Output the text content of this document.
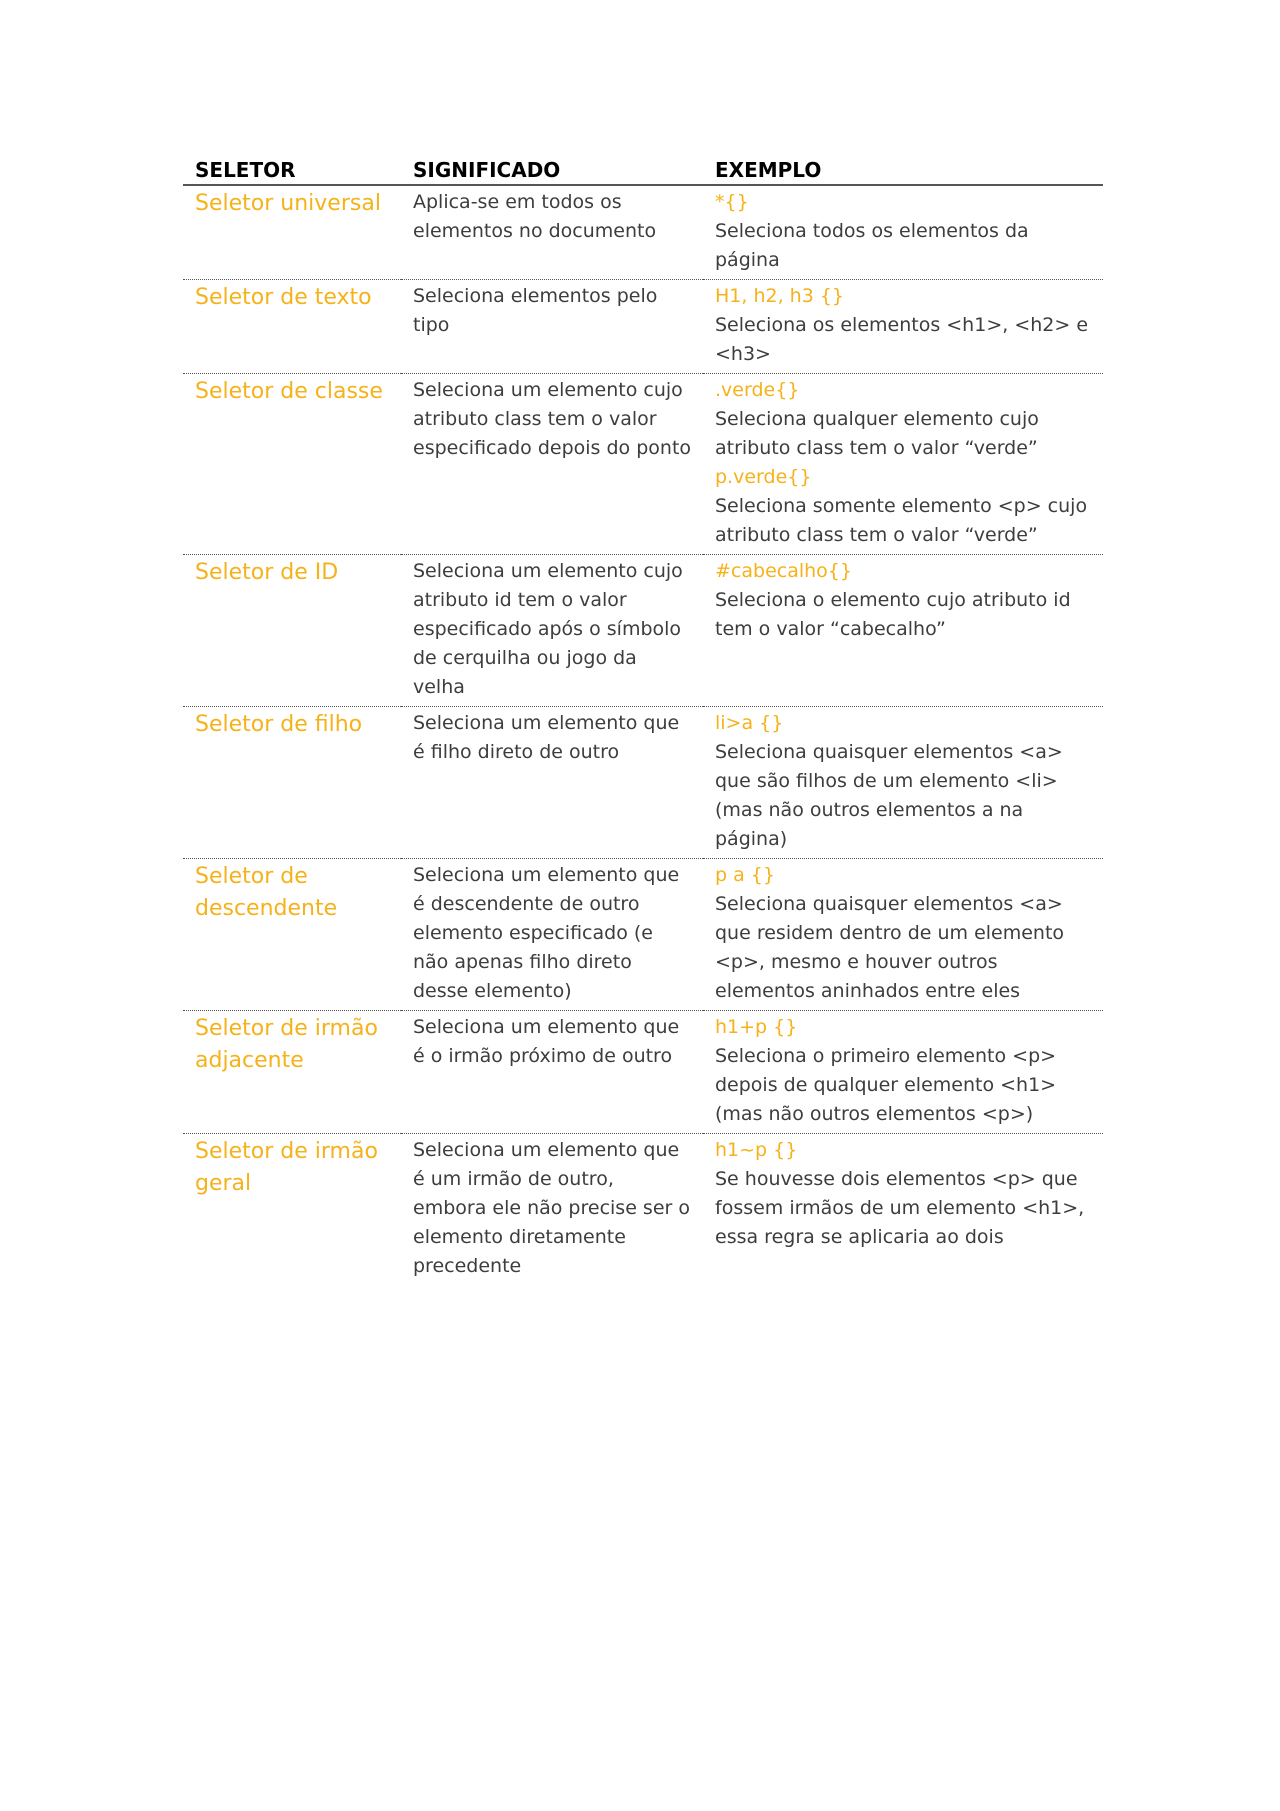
SELETOR	SIGNIFICADO	EXEMPLO
Seletor universal	Aplica-se em todos os elementos no documento	*{}
Seleciona todos os elementos da página

Seletor de texto	Seleciona elementos pelo tipo	H1, h2, h3 {}
Seleciona os elementos <h1>, <h2> e <h3>

Seletor de classe	Seleciona um elemento cujo atributo class tem o valor especificado depois do ponto	.verde{}
Seleciona qualquer elemento cujo atributo class tem o valor “verde”
p.verde{}
Seleciona somente elemento <p> cujo atributo class tem o valor “verde”

Seletor de ID	Seleciona um elemento cujo atributo id tem o valor especificado após o símbolo de cerquilha ou jogo da velha	#cabecalho{}
Seleciona o elemento cujo atributo id tem o valor “cabecalho”

Seletor de filho	Seleciona um elemento que é filho direto de outro	li>a {}
Seleciona quaisquer elementos <a> que são filhos de um elemento <li> (mas não outros elementos a na página)

Seletor de descendente	Seleciona um elemento que é descendente de outro elemento especificado (e não apenas filho direto desse elemento)	p a {}
Seleciona quaisquer elementos <a> que residem dentro de um elemento <p>, mesmo e houver outros elementos aninhados entre eles

Seletor de irmão adjacente	Seleciona um elemento que é o irmão próximo de outro	h1+p {}
Seleciona o primeiro elemento <p> depois de qualquer elemento <h1> (mas não outros elementos <p>)

Seletor de irmão geral	Seleciona um elemento que é um irmão de outro, embora ele não precise ser o elemento diretamente precedente	h1~p {}
Se houvesse dois elementos <p> que fossem irmãos de um elemento <h1>, essa regra se aplicaria ao dois
